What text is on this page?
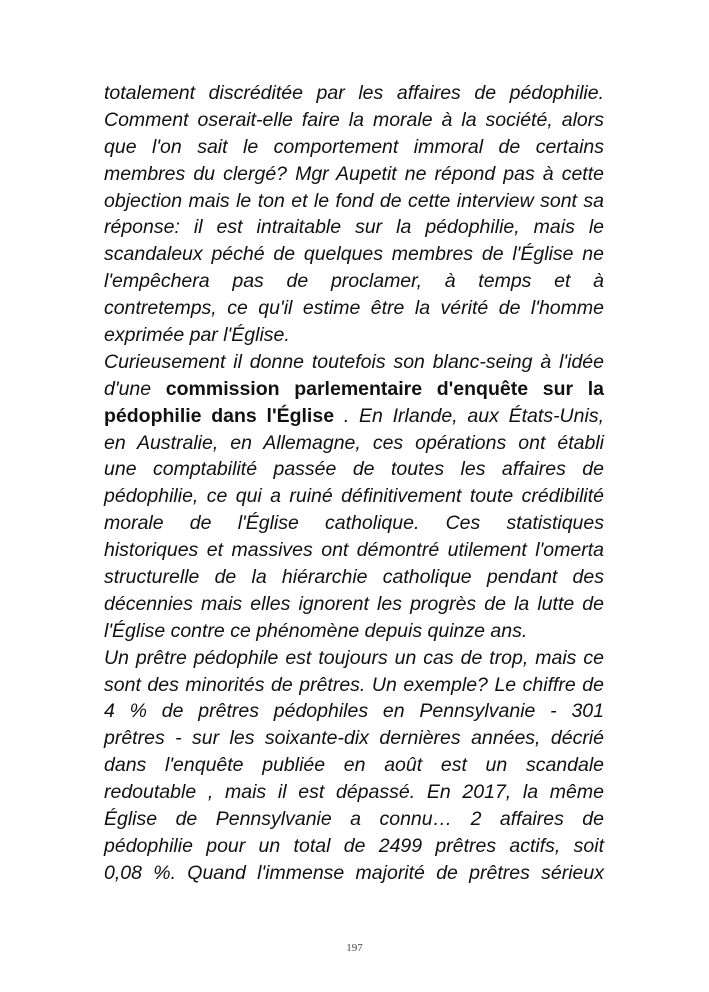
totalement discréditée par les affaires de pédophilie.
Comment oserait-elle faire la morale à la société, alors
que l'on sait le comportement immoral de certains
membres du clergé? Mgr Aupetit ne répond pas à cette
objection mais le ton et le fond de cette interview sont sa
réponse: il est intraitable sur la pédophilie, mais le
scandaleux péché de quelques membres de l'Église ne
l'empêchera pas de proclamer, à temps et à
contretemps, ce qu'il estime être la vérité de l'homme
exprimée par l'Église.
Curieusement il donne toutefois son blanc-seing à l'idée
d'une commission parlementaire d'enquête sur la
pédophilie dans l'Église . En Irlande, aux États-Unis,
en Australie, en Allemagne, ces opérations ont établi
une comptabilité passée de toutes les affaires de
pédophilie, ce qui a ruiné définitivement toute crédibilité
morale de l'Église catholique. Ces statistiques
historiques et massives ont démontré utilement l'omerta
structurelle de la hiérarchie catholique pendant des
décennies mais elles ignorent les progrès de la lutte de
l'Église contre ce phénomène depuis quinze ans.
Un prêtre pédophile est toujours un cas de trop, mais ce
sont des minorités de prêtres. Un exemple? Le chiffre de
4 % de prêtres pédophiles en Pennsylvanie - 301
prêtres - sur les soixante-dix dernières années, décrié
dans l'enquête publiée en août est un scandale
redoutable , mais il est dépassé. En 2017, la même
Église de Pennsylvanie a connu… 2 affaires de
pédophilie pour un total de 2499 prêtres actifs, soit
0,08 %. Quand l'immense majorité de prêtres sérieux
197
